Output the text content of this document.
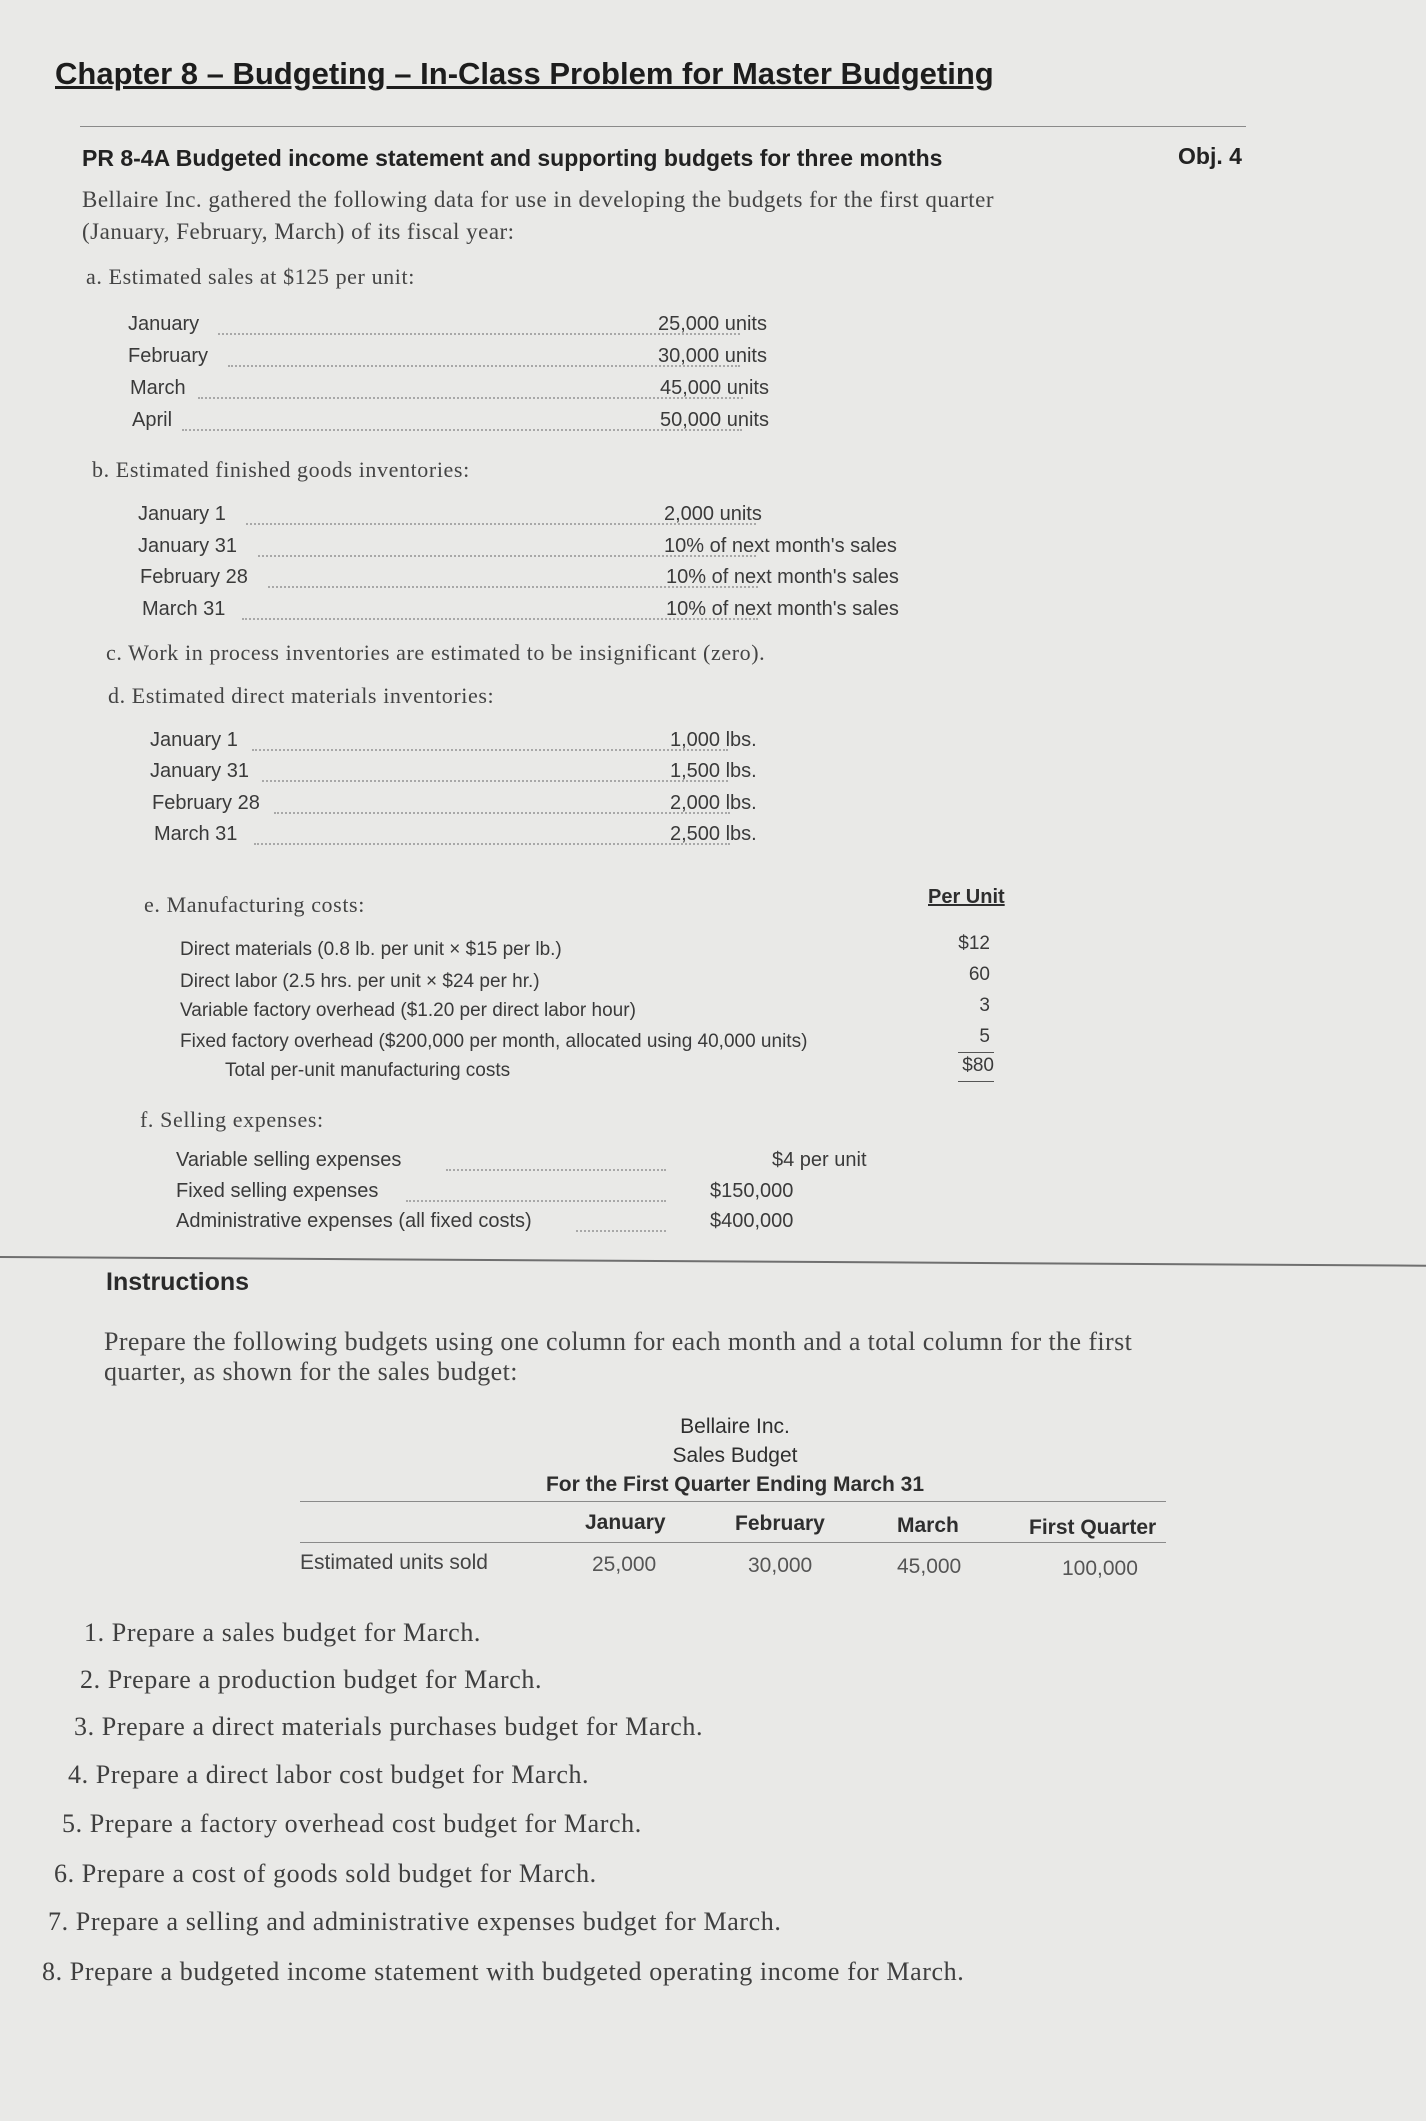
Chapter 8 – Budgeting – In-Class Problem for Master Budgeting
PR 8-4A Budgeted income statement and supporting budgets for three months	Obj. 4
Bellaire Inc. gathered the following data for use in developing the budgets for the first quarter
(January, February, March) of its fiscal year:
a. Estimated sales at $125 per unit:
January	25,000 units
February	30,000 units
March	45,000 units
April	50,000 units
b. Estimated finished goods inventories:
January 1	2,000 units
January 31	10% of next month's sales
February 28	10% of next month's sales
March 31	10% of next month's sales
c. Work in process inventories are estimated to be insignificant (zero).
d. Estimated direct materials inventories:
January 1	1,000 lbs.
January 31	1,500 lbs.
February 28	2,000 lbs.
March 31	2,500 lbs.
e. Manufacturing costs:	Per Unit
Direct materials (0.8 lb. per unit × $15 per lb.)	$12
Direct labor (2.5 hrs. per unit × $24 per hr.)	60
Variable factory overhead ($1.20 per direct labor hour)	3
Fixed factory overhead ($200,000 per month, allocated using 40,000 units)	5
Total per-unit manufacturing costs	$80
f. Selling expenses:
Variable selling expenses	$4 per unit
Fixed selling expenses	$150,000
Administrative expenses (all fixed costs)	$400,000
Instructions
Prepare the following budgets using one column for each month and a total column for the first
quarter, as shown for the sales budget:
Bellaire Inc.
Sales Budget
For the First Quarter Ending March 31
January	February	March	First Quarter
Estimated units sold	25,000	30,000	45,000	100,000
1. Prepare a sales budget for March.
2. Prepare a production budget for March.
3. Prepare a direct materials purchases budget for March.
4. Prepare a direct labor cost budget for March.
5. Prepare a factory overhead cost budget for March.
6. Prepare a cost of goods sold budget for March.
7. Prepare a selling and administrative expenses budget for March.
8. Prepare a budgeted income statement with budgeted operating income for March.
